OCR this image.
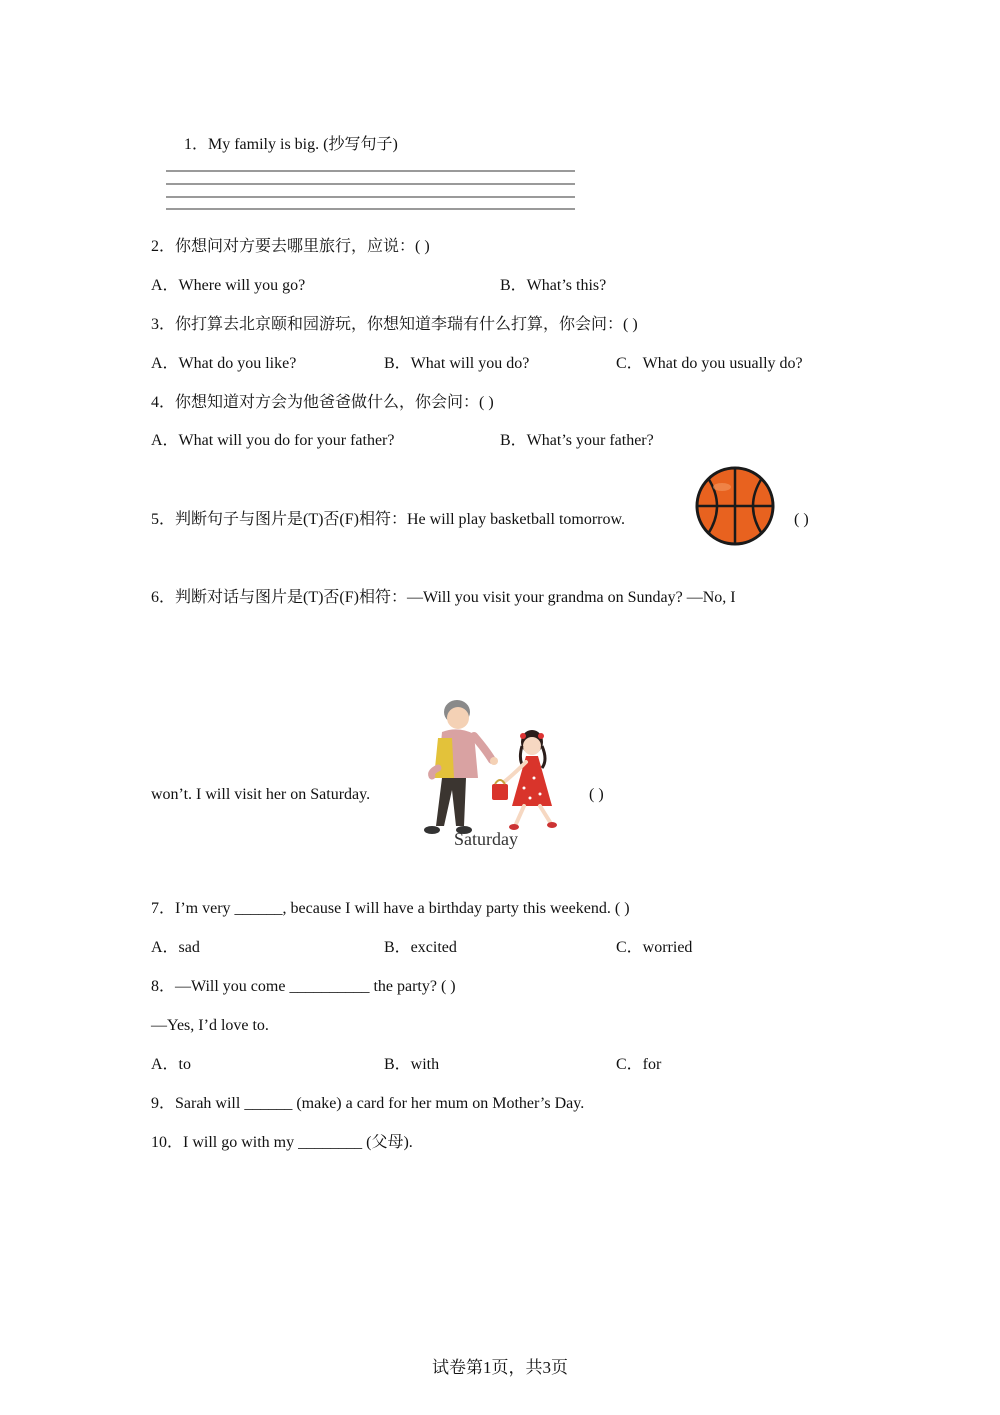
1．My family is big. (抄写句子)
2．你想问对方要去哪里旅行，应说：( )
A．Where will you go?	B．What’s this?
3．你打算去北京颐和园游玩，你想知道李瑞有什么打算，你会问：( )
A．What do you like?	B．What will you do?	C．What do you usually do?
4．你想知道对方会为他爸爸做什么，你会问：( )
A．What will you do for your father?	B．What’s your father?
5．判断句子与图片是(T)否(F)相符：He will play basketball tomorrow.	( )
6．判断对话与图片是(T)否(F)相符：—Will you visit your grandma on Sunday? —No, I
won’t. I will visit her on Saturday.
Saturday
( )
7．I’m very ______, because I will have a birthday party this weekend. ( )
A．sad	B．excited	C．worried
8．—Will you come __________ the party? ( )
—Yes, I’d love to.
A．to	B．with	C．for
9．Sarah will ______ (make) a card for her mum on Mother’s Day.
10．I will go with my ________ (父母).
试卷第1页，共3页
